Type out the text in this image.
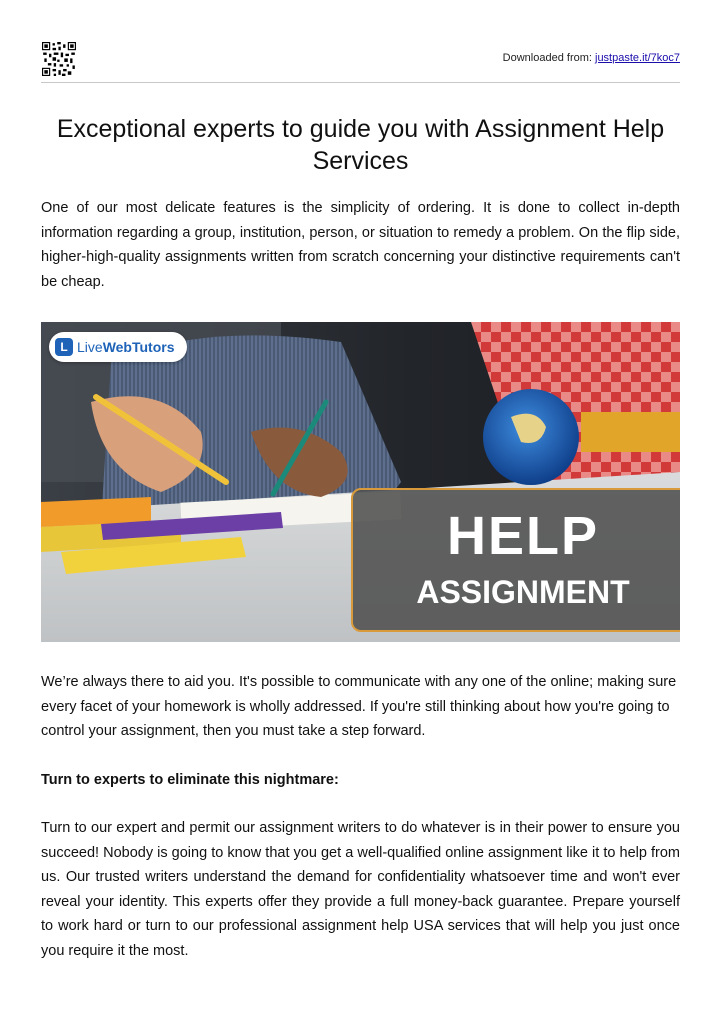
Downloaded from: justpaste.it/7koc7
Exceptional experts to guide you with Assignment Help Services

One of our most delicate features is the simplicity of ordering. It is done to collect in-depth information regarding a group, institution, person, or situation to remedy a problem. On the flip side, higher-high-quality assignments written from scratch concerning your distinctive requirements can't be cheap.

L Live WebTutors
HELP
ASSIGNMENT

We’re always there to aid you. It's possible to communicate with any one of the online; making sure every facet of your homework is wholly addressed. If you're still thinking about how you're going to control your assignment, then you must take a step forward.

Turn to experts to eliminate this nightmare:

Turn to our expert and permit our assignment writers to do whatever is in their power to ensure you succeed! Nobody is going to know that you get a well-qualified online assignment like it to help from us. Our trusted writers understand the demand for confidentiality whatsoever time and won't ever reveal your identity. This experts offer they provide a full money-back guarantee. Prepare yourself to work hard or turn to our professional assignment help USA services that will help you just once you require it the most.
